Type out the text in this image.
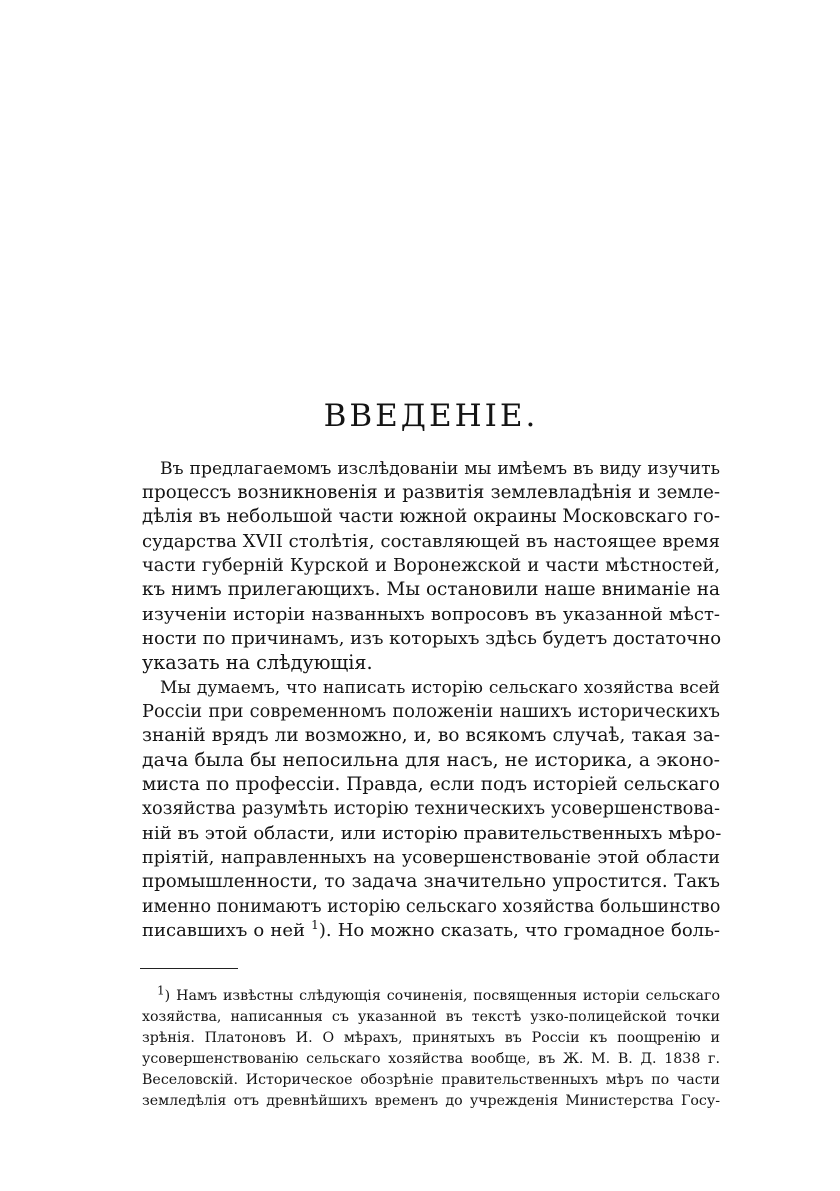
ВВЕДЕНІЕ.
Въ предлагаемомъ изслѣдованіи мы имѣемъ въ виду изучить
процессъ возникновенія и развитія землевладѣнія и земле-
дѣлія въ небольшой части южной окраины Московскаго го-
сударства XVII столѣтія, составляющей въ настоящее время
части губерній Курской и Воронежской и части мѣстностей,
къ нимъ прилегающихъ. Мы остановили наше вниманіе на
изученіи исторіи названныхъ вопросовъ въ указанной мѣст-
ности по причинамъ, изъ которыхъ здѣсь будетъ достаточно
указать на слѣдующія.
Мы думаемъ, что написать исторію сельскаго хозяйства всей
Россіи при современномъ положеніи нашихъ историческихъ
знаній врядъ ли возможно, и, во всякомъ случаѣ, такая за-
дача была бы непосильна для насъ, не историка, а эконо-
миста по профессіи. Правда, если подъ исторіей сельскаго
хозяйства разумѣть исторію техническихъ усовершенствова-
ній въ этой области, или исторію правительственныхъ мѣро-
пріятій, направленныхъ на усовершенствованіе этой области
промышленности, то задача значительно упростится. Такъ
именно понимаютъ исторію сельскаго хозяйства большинство
писавшихъ о ней $^1$). Но можно сказать, что громадное боль-
$^1$) Намъ извѣстны слѣдующія сочиненія, посвященныя исторіи сельскаго
хозяйства, написанныя съ указанной въ текстѣ узко-полицейской точки
зрѣнія. Платоновъ И. О мѣрахъ, принятыхъ въ Россіи къ поощренію и
усовершенствованію сельскаго хозяйства вообще, въ Ж. М. В. Д. 1838 г.
Веселовскій. Историческое обозрѣніе правительственныхъ мѣръ по части
земледѣлія отъ древнѣйшихъ временъ до учрежденія Министерства Госу-
